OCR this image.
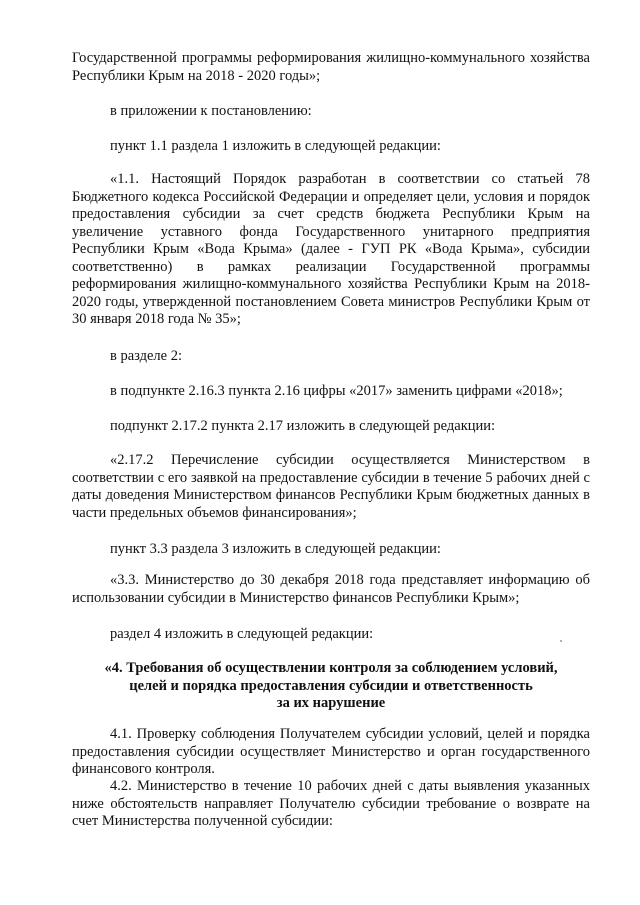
Государственной программы реформирования жилищно-коммунального хозяйства Республики Крым на 2018 - 2020 годы»;

в приложении к постановлению:

пункт 1.1 раздела 1 изложить в следующей редакции:

«1.1. Настоящий Порядок разработан в соответствии со статьей 78 Бюджетного кодекса Российской Федерации и определяет цели, условия и порядок предоставления субсидии за счет средств бюджета Республики Крым на увеличение уставного фонда Государственного унитарного предприятия Республики Крым «Вода Крыма» (далее - ГУП РК «Вода Крыма», субсидии соответственно) в рамках реализации Государственной программы реформирования жилищно-коммунального хозяйства Республики Крым на 2018-2020 годы, утвержденной постановлением Совета министров Республики Крым от 30 января 2018 года № 35»;

в разделе 2:

в подпункте 2.16.3 пункта 2.16 цифры «2017» заменить цифрами «2018»;

подпункт 2.17.2 пункта 2.17 изложить в следующей редакции:

«2.17.2 Перечисление субсидии осуществляется Министерством в соответствии с его заявкой на предоставление субсидии в течение 5 рабочих дней с даты доведения Министерством финансов Республики Крым бюджетных данных в части предельных объемов финансирования»;

пункт 3.3 раздела 3 изложить в следующей редакции:

«3.3. Министерство до 30 декабря 2018 года представляет информацию об использовании субсидии в Министерство финансов Республики Крым»;

раздел 4 изложить в следующей редакции:

«4. Требования об осуществлении контроля за соблюдением условий,
целей и порядка предоставления субсидии и ответственность
за их нарушение

4.1. Проверку соблюдения Получателем субсидии условий, целей и порядка предоставления субсидии осуществляет Министерство и орган государственного финансового контроля.

4.2. Министерство в течение 10 рабочих дней с даты выявления указанных ниже обстоятельств направляет Получателю субсидии требование о возврате на счет Министерства полученной субсидии:
